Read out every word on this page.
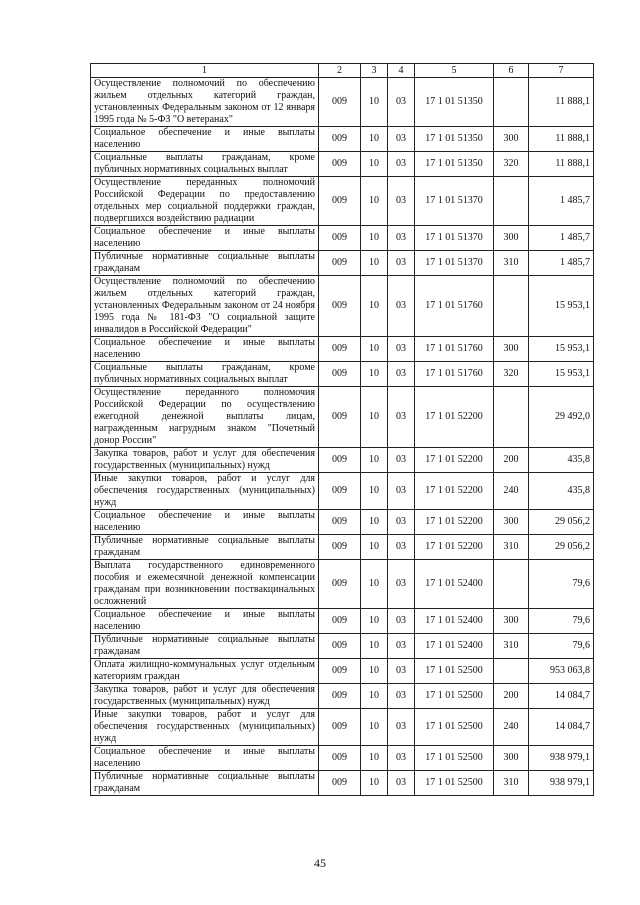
1	2	3	4	5	6	7
Осуществление полномочий по обеспечению жильем отдельных категорий граждан, установленных Федеральным законом от 12 января 1995 года № 5-ФЗ "О ветеранах"	009	10	03	17 1 01 51350		11 888,1
Социальное обеспечение и иные выплаты населению	009	10	03	17 1 01 51350	300	11 888,1
Социальные выплаты гражданам, кроме публичных нормативных социальных выплат	009	10	03	17 1 01 51350	320	11 888,1
Осуществление переданных полномочий Российской Федерации по предоставлению отдельных мер социальной поддержки граждан, подвергшихся воздействию радиации	009	10	03	17 1 01 51370		1 485,7
Социальное обеспечение и иные выплаты населению	009	10	03	17 1 01 51370	300	1 485,7
Публичные нормативные социальные выплаты гражданам	009	10	03	17 1 01 51370	310	1 485,7
Осуществление полномочий по обеспечению жильем отдельных категорий граждан, установленных Федеральным законом от 24 ноября 1995 года № 181-ФЗ "О социальной защите инвалидов в Российской Федерации"	009	10	03	17 1 01 51760		15 953,1
Социальное обеспечение и иные выплаты населению	009	10	03	17 1 01 51760	300	15 953,1
Социальные выплаты гражданам, кроме публичных нормативных социальных выплат	009	10	03	17 1 01 51760	320	15 953,1
Осуществление переданного полномочия Российской Федерации по осуществлению ежегодной денежной выплаты лицам, награжденным нагрудным знаком "Почетный донор России"	009	10	03	17 1 01 52200		29 492,0
Закупка товаров, работ и услуг для обеспечения государственных (муниципальных) нужд	009	10	03	17 1 01 52200	200	435,8
Иные закупки товаров, работ и услуг для обеспечения государственных (муниципальных) нужд	009	10	03	17 1 01 52200	240	435,8
Социальное обеспечение и иные выплаты населению	009	10	03	17 1 01 52200	300	29 056,2
Публичные нормативные социальные выплаты гражданам	009	10	03	17 1 01 52200	310	29 056,2
Выплата государственного единовременного пособия и ежемесячной денежной компенсации гражданам при возникновении поствакцинальных осложнений	009	10	03	17 1 01 52400		79,6
Социальное обеспечение и иные выплаты населению	009	10	03	17 1 01 52400	300	79,6
Публичные нормативные социальные выплаты гражданам	009	10	03	17 1 01 52400	310	79,6
Оплата жилищно-коммунальных услуг отдельным категориям граждан	009	10	03	17 1 01 52500		953 063,8
Закупка товаров, работ и услуг для обеспечения государственных (муниципальных) нужд	009	10	03	17 1 01 52500	200	14 084,7
Иные закупки товаров, работ и услуг для обеспечения государственных (муниципальных) нужд	009	10	03	17 1 01 52500	240	14 084,7
Социальное обеспечение и иные выплаты населению	009	10	03	17 1 01 52500	300	938 979,1
Публичные нормативные социальные выплаты гражданам	009	10	03	17 1 01 52500	310	938 979,1
45
